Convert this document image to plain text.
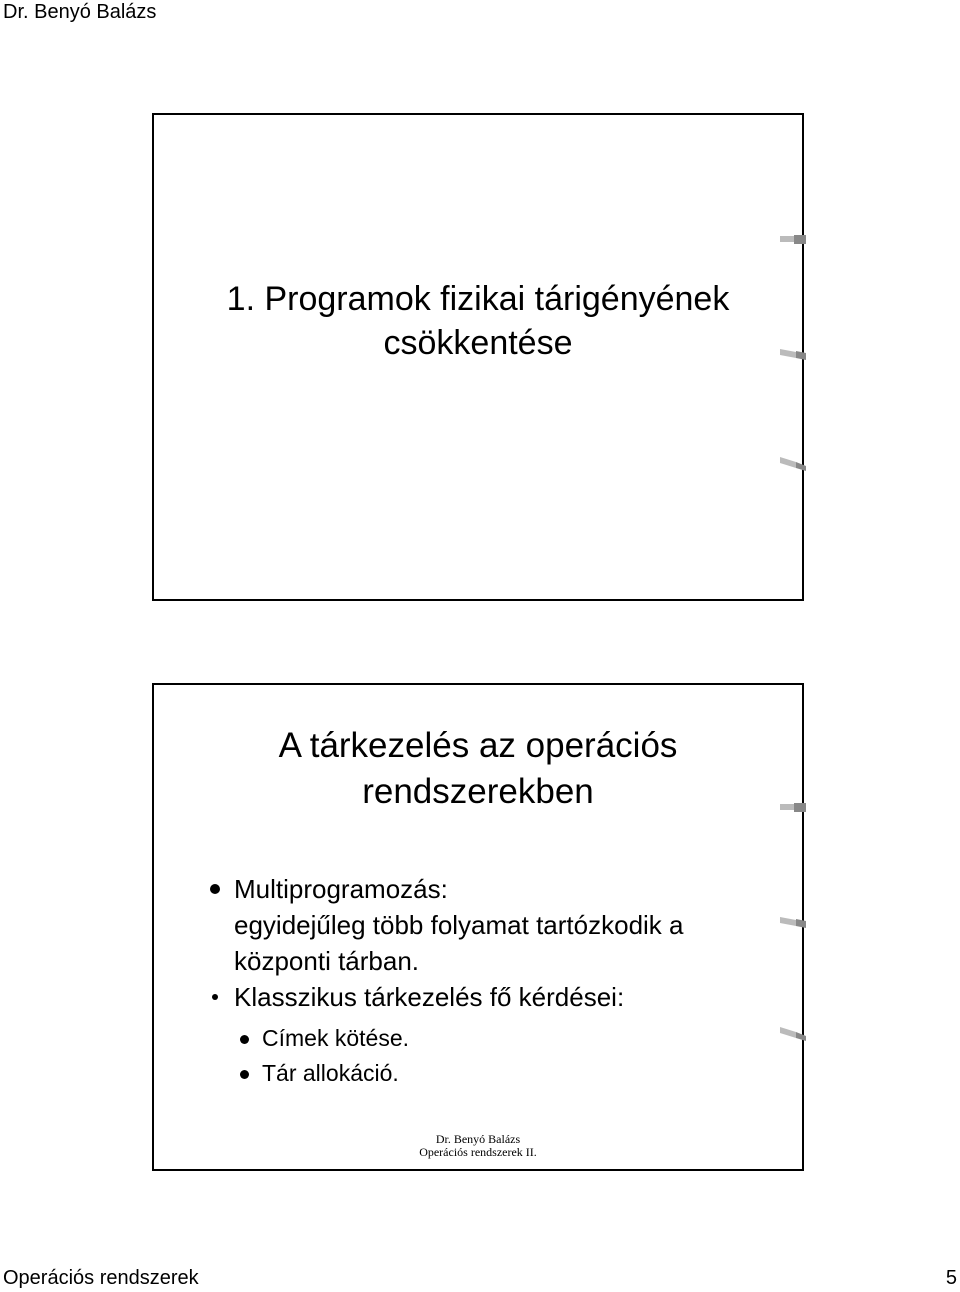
Dr. Benyó Balázs
1. Programok fizikai tárigényének
csökkentése
A tárkezelés az operációs
rendszerekben
Multiprogramozás:
egyidejűleg több folyamat tartózkodik a
központi tárban.
Klasszikus tárkezelés fő kérdései:
Címek kötése.
Tár allokáció.
Dr. Benyó Balázs
Operációs rendszerek II.
Operációs rendszerek	5
